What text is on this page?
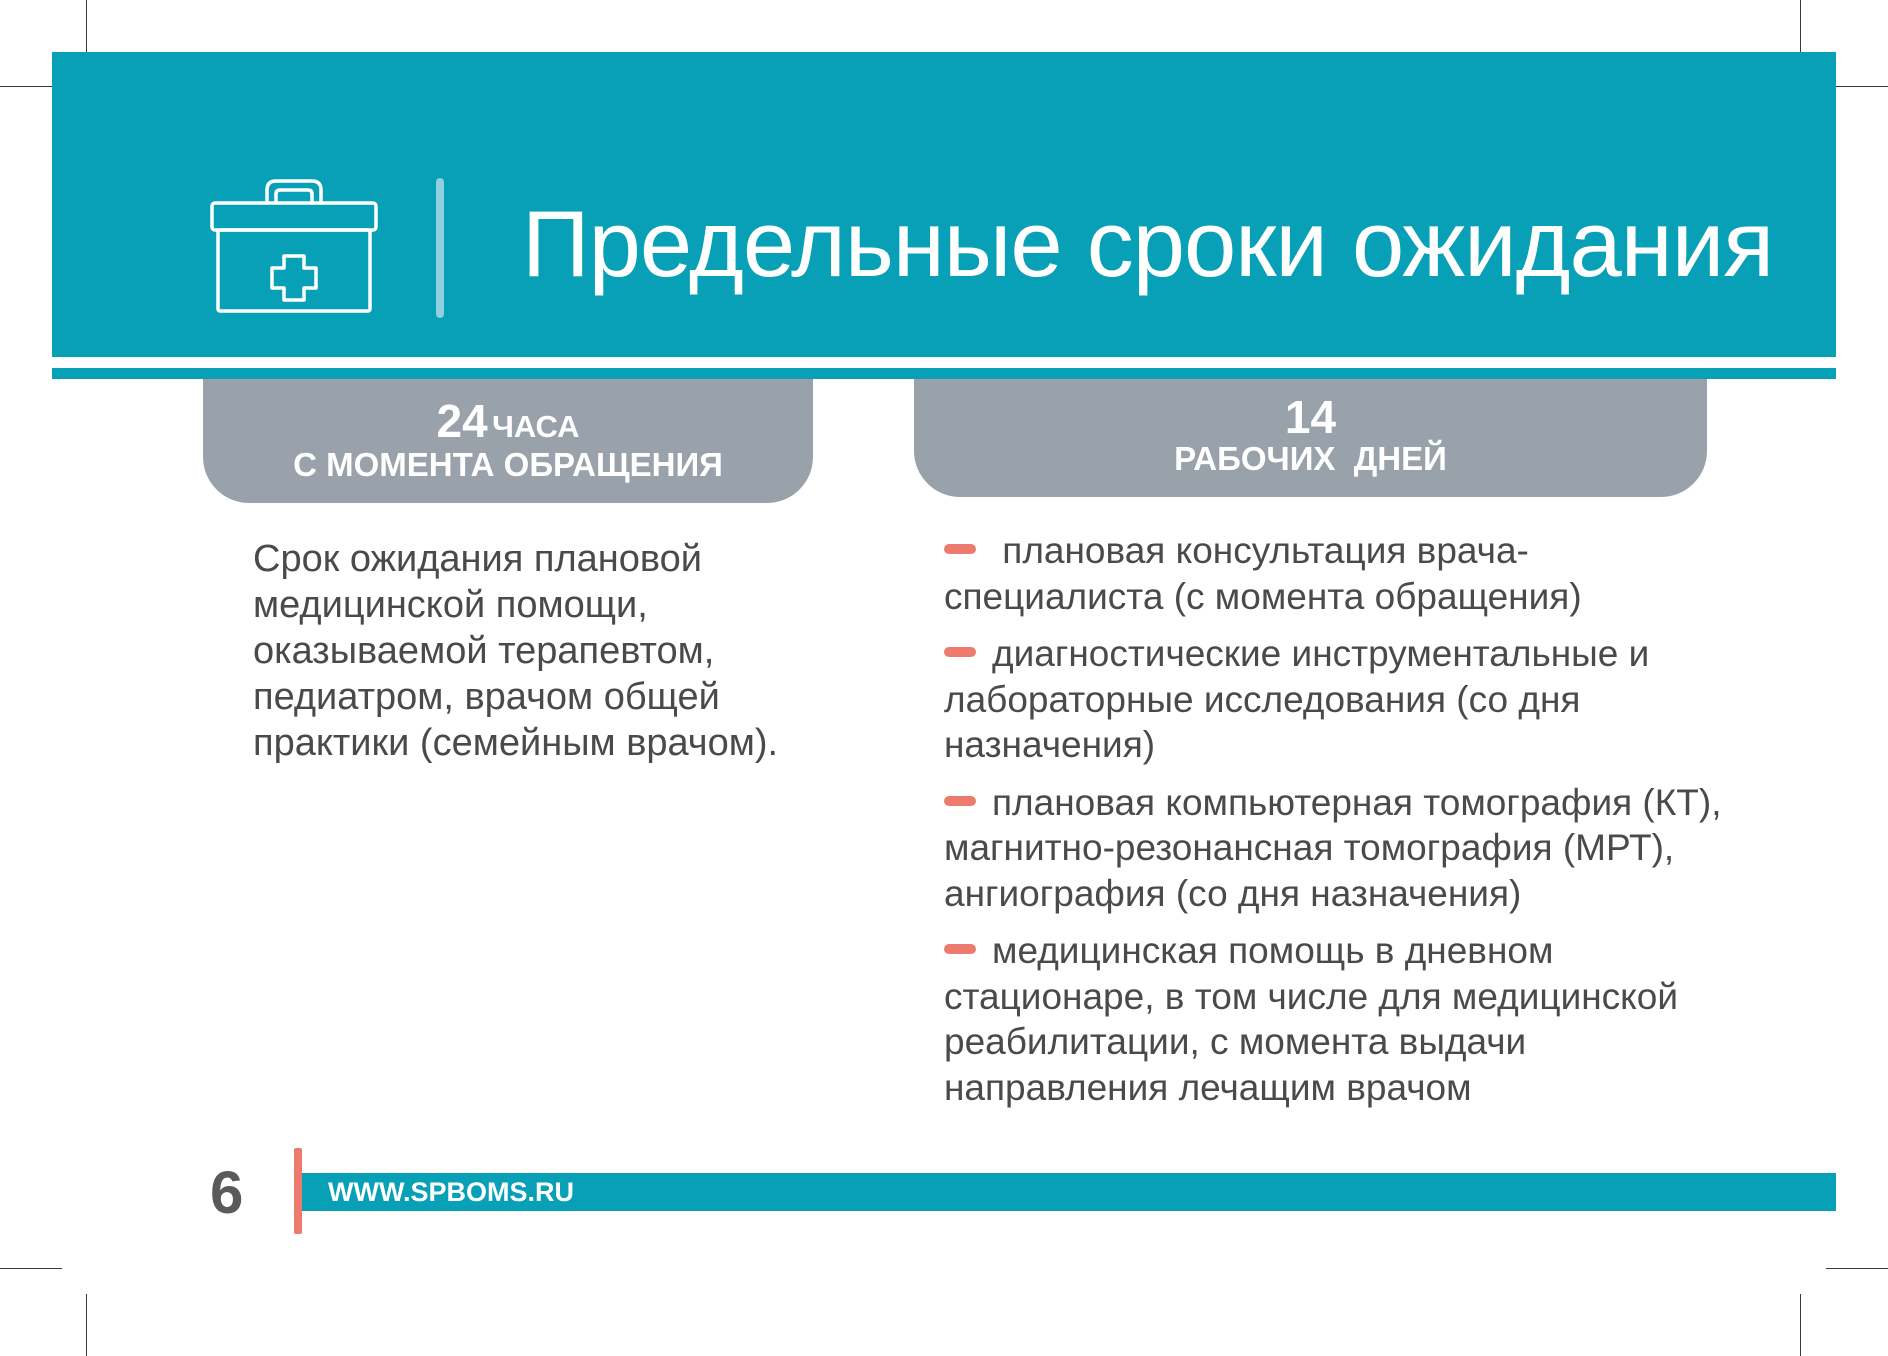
Предельные сроки ожидания
24 ЧАСА
С МОМЕНТА ОБРАЩЕНИЯ
14
РАБОЧИХ  ДНЕЙ

Срок ожидания плановой медицинской помощи, оказываемой терапевтом, педиатром, врачом общей практики (семейным врачом).

плановая консультация врача-специалиста (с момента обращения)
диагностические инструментальные и лабораторные исследования (со дня назначения)
плановая компьютерная томография (КТ), магнитно-резонансная томография (МРТ), ангиография (со дня назначения)
медицинская помощь в дневном стационаре, в том числе для медицинской реабилитации, с момента выдачи направления лечащим врачом
6	WWW.SPBOMS.RU
